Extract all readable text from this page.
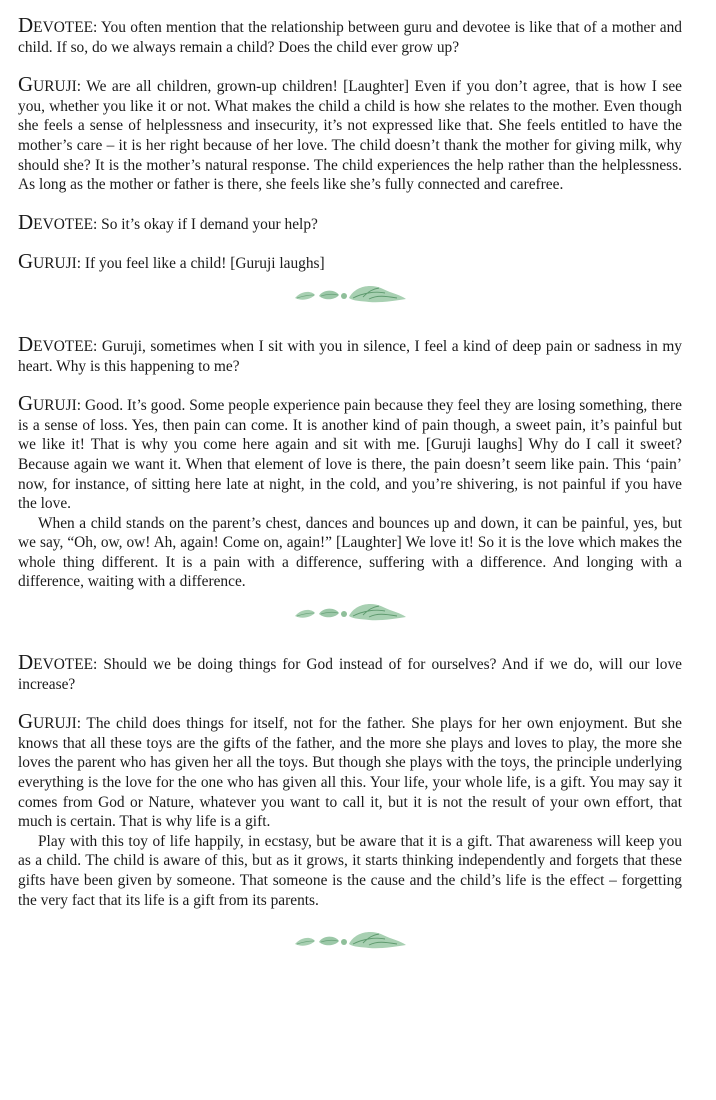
DEVOTEE: You often mention that the relationship between guru and devotee is like that of a mother and child. If so, do we always remain a child? Does the child ever grow up?

GURUJI: We are all children, grown-up children! [Laughter] Even if you don’t agree, that is how I see you, whether you like it or not. What makes the child a child is how she relates to the mother. Even though she feels a sense of helplessness and insecurity, it’s not expressed like that. She feels entitled to have the mother’s care – it is her right because of her love. The child doesn’t thank the mother for giving milk, why should she? It is the mother’s natural response. The child experiences the help rather than the helplessness. As long as the mother or father is there, she feels like she’s fully connected and carefree.

DEVOTEE: So it’s okay if I demand your help?

GURUJI: If you feel like a child! [Guruji laughs]

DEVOTEE: Guruji, sometimes when I sit with you in silence, I feel a kind of deep pain or sadness in my heart. Why is this happening to me?

GURUJI: Good. It’s good. Some people experience pain because they feel they are losing something, there is a sense of loss. Yes, then pain can come. It is another kind of pain though, a sweet pain, it’s painful but we like it! That is why you come here again and sit with me. [Guruji laughs] Why do I call it sweet? Because again we want it. When that element of love is there, the pain doesn’t seem like pain. This ‘pain’ now, for instance, of sitting here late at night, in the cold, and you’re shivering, is not painful if you have the love.

When a child stands on the parent’s chest, dances and bounces up and down, it can be painful, yes, but we say, “Oh, ow, ow! Ah, again! Come on, again!” [Laughter] We love it! So it is the love which makes the whole thing different. It is a pain with a difference, suffering with a difference. And longing with a difference, waiting with a difference.

DEVOTEE: Should we be doing things for God instead of for ourselves? And if we do, will our love increase?

GURUJI: The child does things for itself, not for the father. She plays for her own enjoyment. But she knows that all these toys are the gifts of the father, and the more she plays and loves to play, the more she loves the parent who has given her all the toys. But though she plays with the toys, the principle underlying everything is the love for the one who has given all this. Your life, your whole life, is a gift. You may say it comes from God or Nature, whatever you want to call it, but it is not the result of your own effort, that much is certain. That is why life is a gift.

Play with this toy of life happily, in ecstasy, but be aware that it is a gift. That awareness will keep you as a child. The child is aware of this, but as it grows, it starts thinking independently and forgets that these gifts have been given by someone. That someone is the cause and the child’s life is the effect – forgetting the very fact that its life is a gift from its parents.
